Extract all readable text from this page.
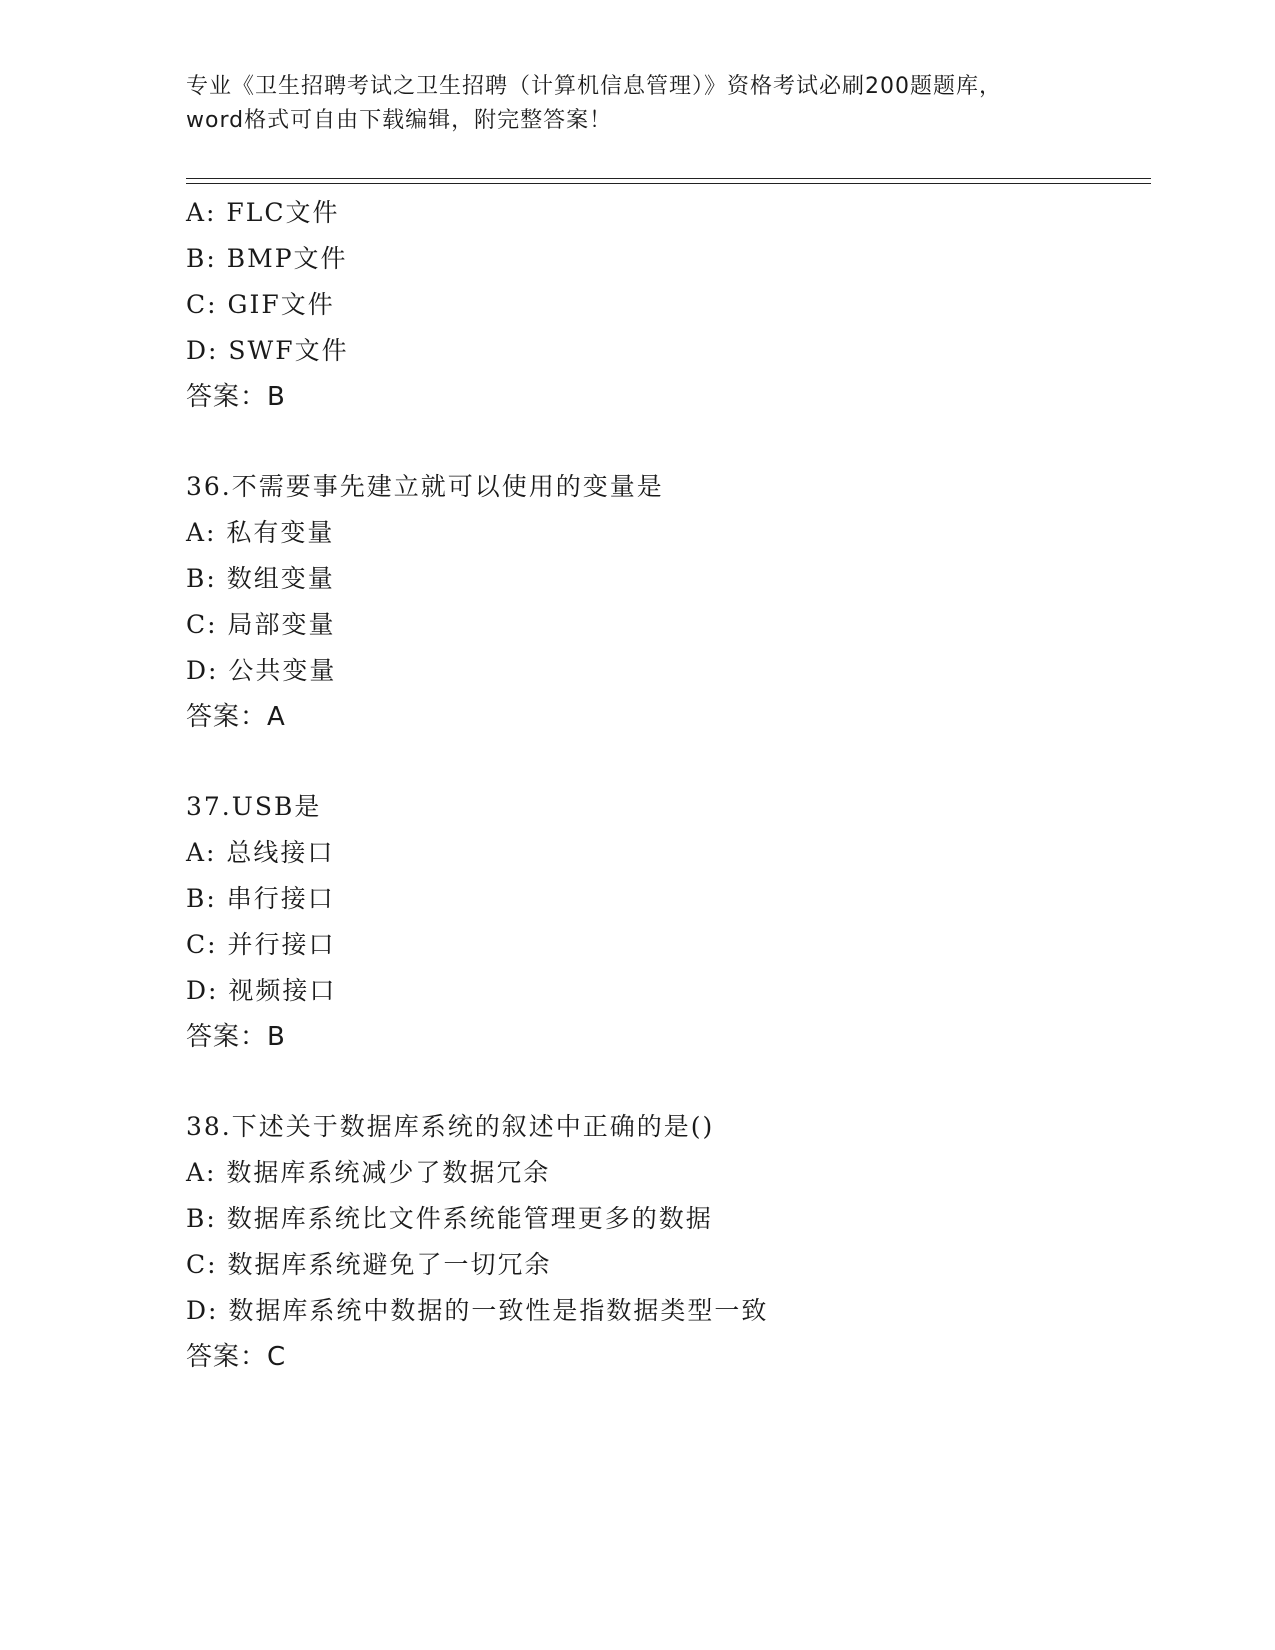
专业《卫生招聘考试之卫生招聘（计算机信息管理）》资格考试必刷200题题库，
word格式可自由下载编辑，附完整答案！
A: FLC文件
B: BMP文件
C: GIF文件
D: SWF文件
答案：B
36.不需要事先建立就可以使用的变量是
A: 私有变量
B: 数组变量
C: 局部变量
D: 公共变量
答案：A
37.USB是
A: 总线接口
B: 串行接口
C: 并行接口
D: 视频接口
答案：B
38.下述关于数据库系统的叙述中正确的是()
A: 数据库系统减少了数据冗余
B: 数据库系统比文件系统能管理更多的数据
C: 数据库系统避免了一切冗余
D: 数据库系统中数据的一致性是指数据类型一致
答案：C
